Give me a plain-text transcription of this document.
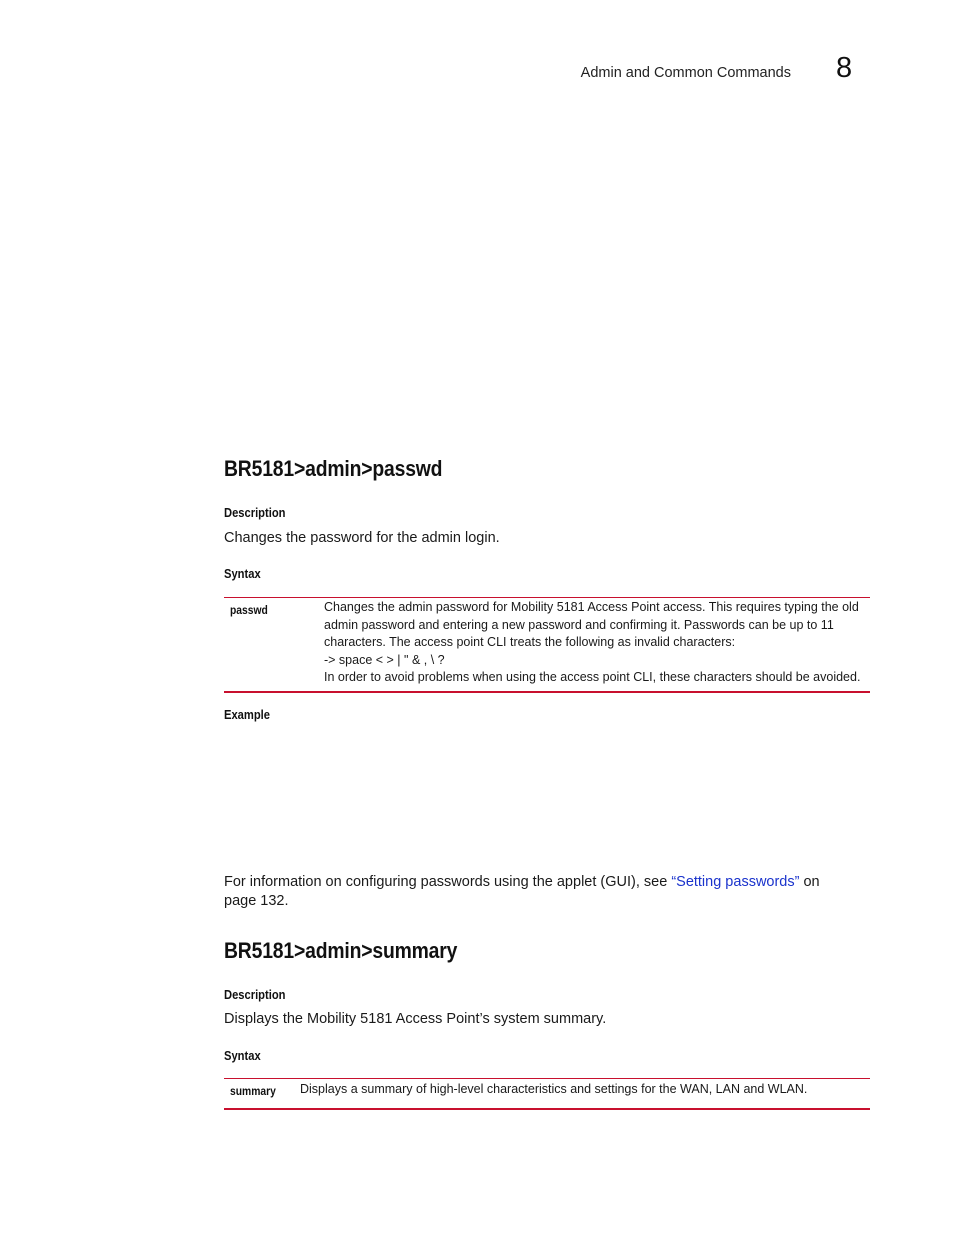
Admin and Common Commands 8
BR5181>admin>passwd
Description
Changes the password for the admin login.
Syntax
passwd	Changes the admin password for Mobility 5181 Access Point access. This requires typing the old
admin password and entering a new password and confirming it. Passwords can be up to 11
characters. The access point CLI treats the following as invalid characters:
-> space < > | " & , \ ?
In order to avoid problems when using the access point CLI, these characters should be avoided.
Example
For information on configuring passwords using the applet (GUI), see “Setting passwords” on
page 132.
BR5181>admin>summary
Description
Displays the Mobility 5181 Access Point’s system summary.
Syntax
summary Displays a summary of high-level characteristics and settings for the WAN, LAN and WLAN.
